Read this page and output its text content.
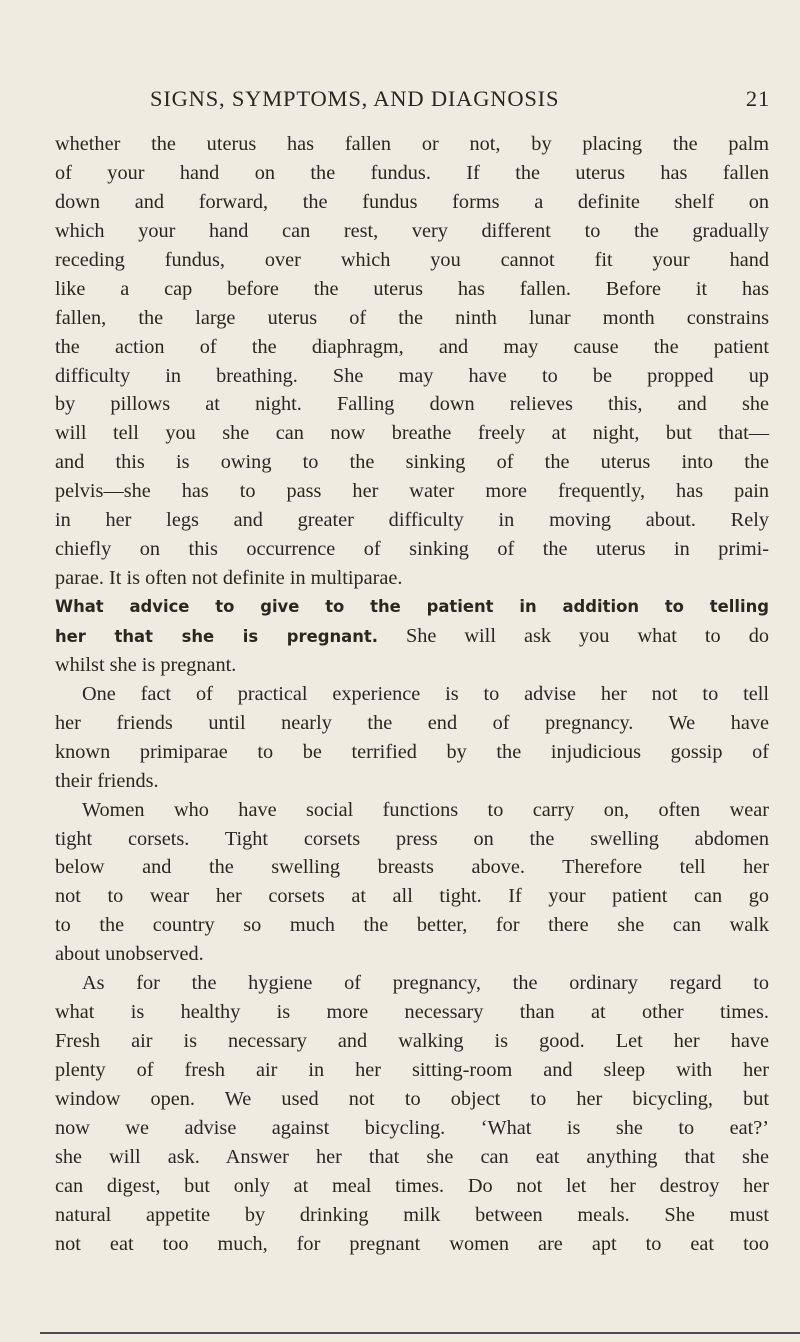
SIGNS, SYMPTOMS, AND DIAGNOSIS	21
whether the uterus has fallen or not, by placing the palm
of your hand on the fundus. If the uterus has fallen
down and forward, the fundus forms a definite shelf on
which your hand can rest, very different to the gradually
receding fundus, over which you cannot fit your hand
like a cap before the uterus has fallen. Before it has
fallen, the large uterus of the ninth lunar month constrains
the action of the diaphragm, and may cause the patient
difficulty in breathing. She may have to be propped up
by pillows at night. Falling down relieves this, and she
will tell you she can now breathe freely at night, but that—
and this is owing to the sinking of the uterus into the
pelvis—she has to pass her water more frequently, has pain
in her legs and greater difficulty in moving about. Rely
chiefly on this occurrence of sinking of the uterus in primi-
parae. It is often not definite in multiparae.
What advice to give to the patient in addition to telling
her that she is pregnant. She will ask you what to do
whilst she is pregnant.
One fact of practical experience is to advise her not to tell
her friends until nearly the end of pregnancy. We have
known primiparae to be terrified by the injudicious gossip of
their friends.
Women who have social functions to carry on, often wear
tight corsets. Tight corsets press on the swelling abdomen
below and the swelling breasts above. Therefore tell her
not to wear her corsets at all tight. If your patient can go
to the country so much the better, for there she can walk
about unobserved.
As for the hygiene of pregnancy, the ordinary regard to
what is healthy is more necessary than at other times.
Fresh air is necessary and walking is good. Let her have
plenty of fresh air in her sitting-room and sleep with her
window open. We used not to object to her bicycling, but
now we advise against bicycling. ‘What is she to eat?’
she will ask. Answer her that she can eat anything that she
can digest, but only at meal times. Do not let her destroy her
natural appetite by drinking milk between meals. She must
not eat too much, for pregnant women are apt to eat too
